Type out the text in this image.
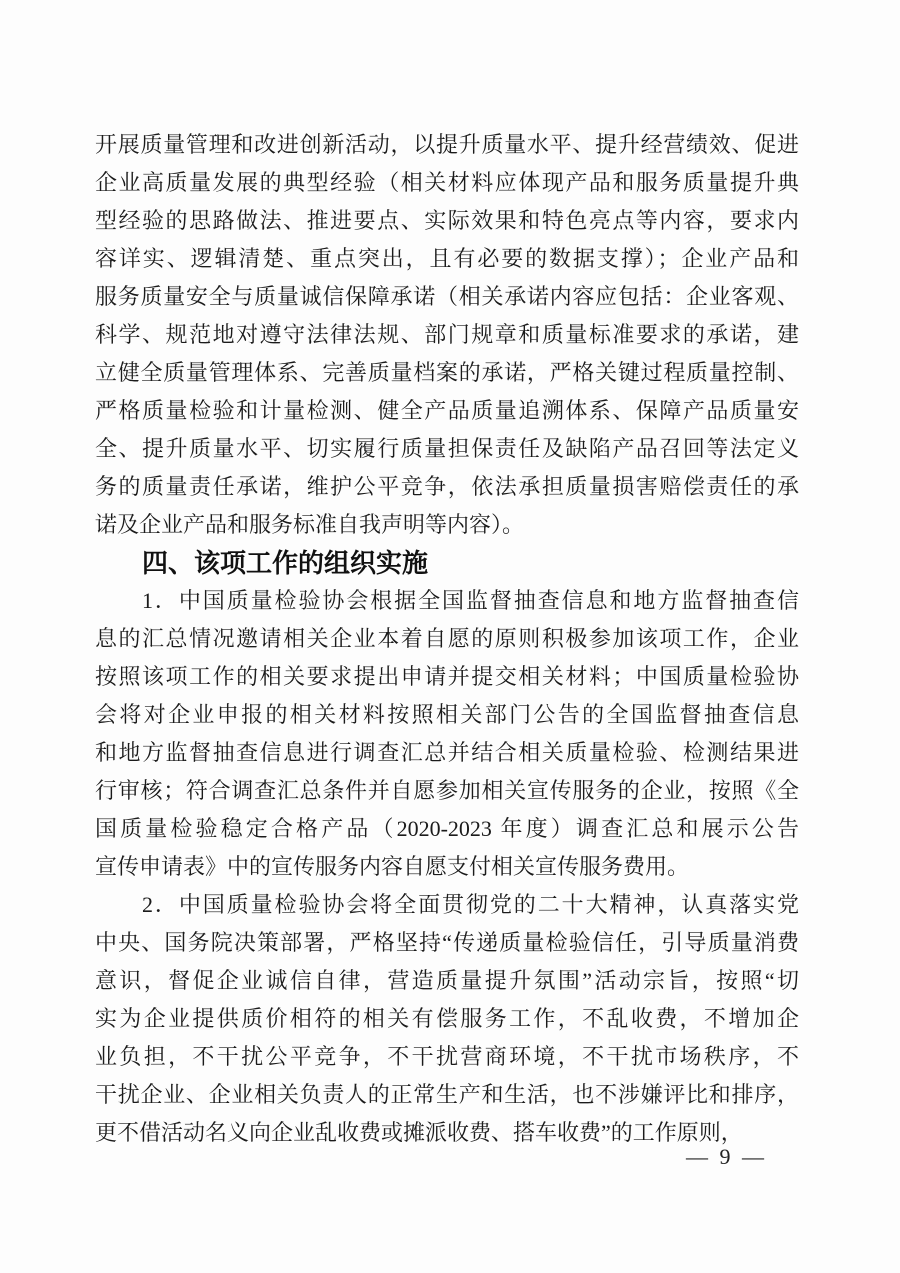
开展质量管理和改进创新活动，以提升质量水平、提升经营绩效、促进
企业高质量发展的典型经验（相关材料应体现产品和服务质量提升典
型经验的思路做法、推进要点、实际效果和特色亮点等内容，要求内
容详实、逻辑清楚、重点突出，且有必要的数据支撑）；企业产品和
服务质量安全与质量诚信保障承诺（相关承诺内容应包括：企业客观、
科学、规范地对遵守法律法规、部门规章和质量标准要求的承诺，建
立健全质量管理体系、完善质量档案的承诺，严格关键过程质量控制、
严格质量检验和计量检测、健全产品质量追溯体系、保障产品质量安
全、提升质量水平、切实履行质量担保责任及缺陷产品召回等法定义
务的质量责任承诺，维护公平竞争，依法承担质量损害赔偿责任的承
诺及企业产品和服务标准自我声明等内容）。
四、该项工作的组织实施
1．中国质量检验协会根据全国监督抽查信息和地方监督抽查信
息的汇总情况邀请相关企业本着自愿的原则积极参加该项工作，企业
按照该项工作的相关要求提出申请并提交相关材料；中国质量检验协
会将对企业申报的相关材料按照相关部门公告的全国监督抽查信息
和地方监督抽查信息进行调查汇总并结合相关质量检验、检测结果进
行审核；符合调查汇总条件并自愿参加相关宣传服务的企业，按照《全
国质量检验稳定合格产品（2020-2023 年度）调查汇总和展示公告
宣传申请表》中的宣传服务内容自愿支付相关宣传服务费用。
2．中国质量检验协会将全面贯彻党的二十大精神，认真落实党
中央、国务院决策部署，严格坚持“传递质量检验信任，引导质量消费
意识，督促企业诚信自律，营造质量提升氛围”活动宗旨，按照“切
实为企业提供质价相符的相关有偿服务工作，不乱收费，不增加企
业负担，不干扰公平竞争，不干扰营商环境，不干扰市场秩序，不
干扰企业、企业相关负责人的正常生产和生活，也不涉嫌评比和排序，
更不借活动名义向企业乱收费或摊派收费、搭车收费”的工作原则，
— 9 —
